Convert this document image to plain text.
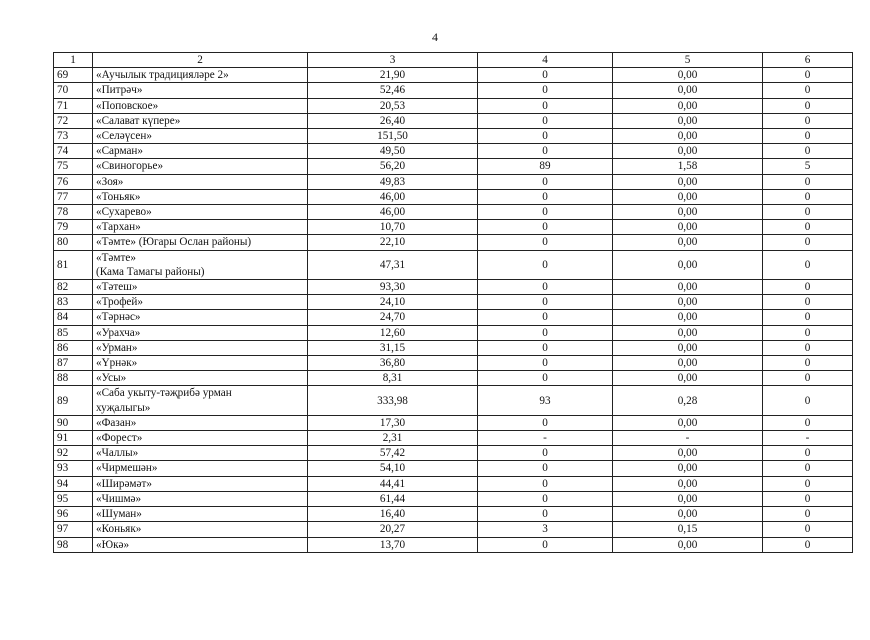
4
1	2	3	4	5	6
69	«Аучылык традицияләре 2»	21,90	0	0,00	0
70	«Питрәч»	52,46	0	0,00	0
71	«Поповское»	20,53	0	0,00	0
72	«Салават күпере»	26,40	0	0,00	0
73	«Селәүсен»	151,50	0	0,00	0
74	«Сарман»	49,50	0	0,00	0
75	«Свиногорье»	56,20	89	1,58	5
76	«Зоя»	49,83	0	0,00	0
77	«Тоньяк»	46,00	0	0,00	0
78	«Сухарево»	46,00	0	0,00	0
79	«Тархан»	10,70	0	0,00	0
80	«Тәмте» (Югары Ослан районы)	22,10	0	0,00	0
81	«Тәмте»
(Кама Тамагы районы)	47,31	0	0,00	0
82	«Тәтеш»	93,30	0	0,00	0
83	«Трофей»	24,10	0	0,00	0
84	«Тәрнәс»	24,70	0	0,00	0
85	«Урахча»	12,60	0	0,00	0
86	«Урман»	31,15	0	0,00	0
87	«Үрнәк»	36,80	0	0,00	0
88	«Усы»	8,31	0	0,00	0
89	«Саба укыту-тәҗрибә урман
хуҗалыгы»	333,98	93	0,28	0
90	«Фазан»	17,30	0	0,00	0
91	«Форест»	2,31	-	-	-
92	«Чаллы»	57,42	0	0,00	0
93	«Чирмешән»	54,10	0	0,00	0
94	«Ширәмәт»	44,41	0	0,00	0
95	«Чишмә»	61,44	0	0,00	0
96	«Шуман»	16,40	0	0,00	0
97	«Коньяк»	20,27	3	0,15	0
98	«Юкә»	13,70	0	0,00	0
